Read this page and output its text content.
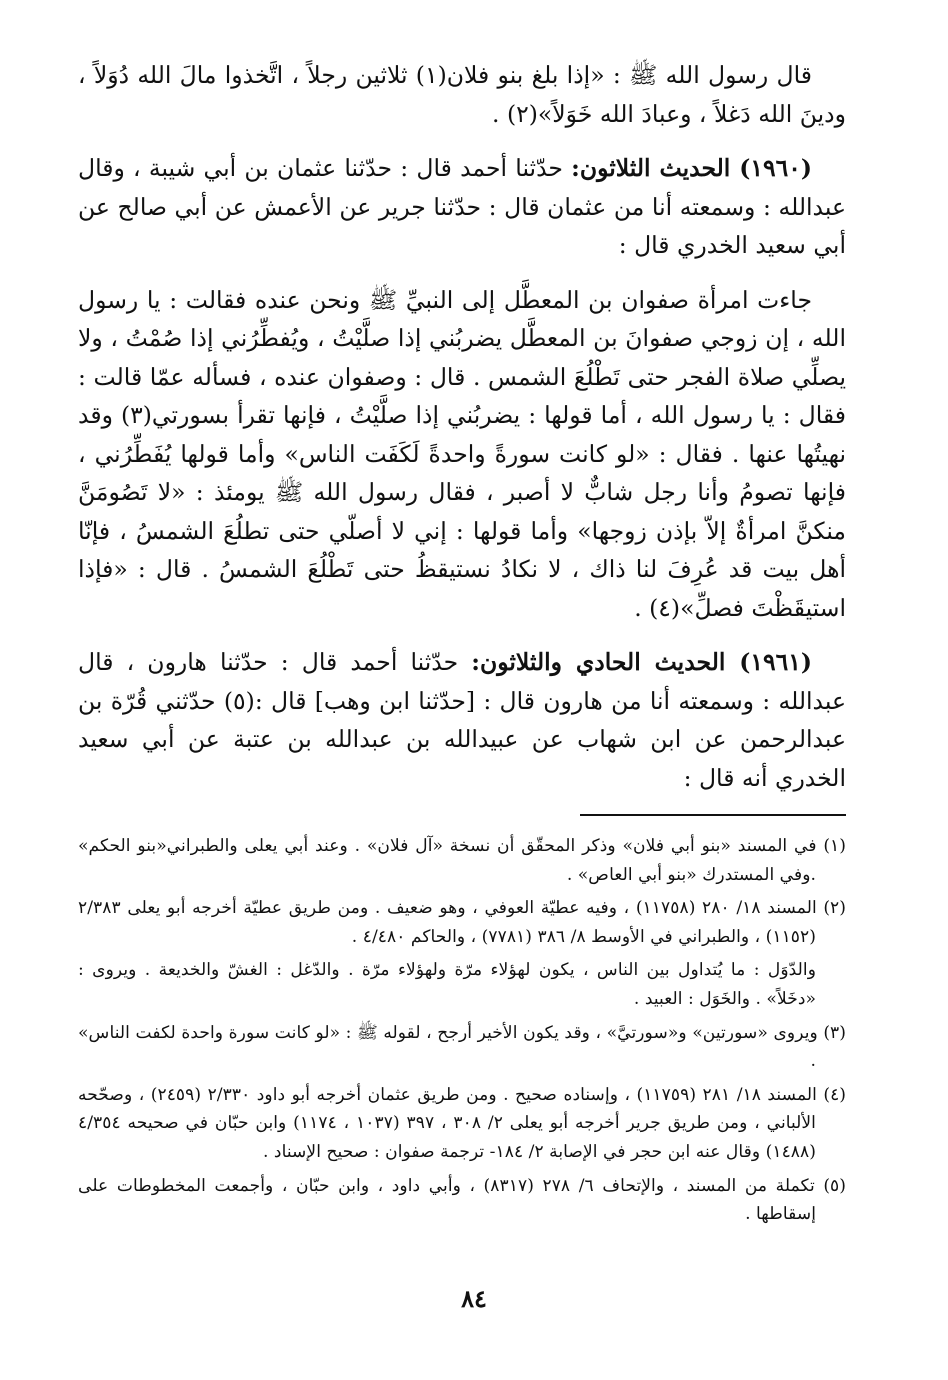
قال رسول الله ﷺ : «إذا بلغ بنو فلان(١) ثلاثين رجلاً ، اتَّخذوا مالَ الله دُوَلاً ، ودينَ الله دَغلاً ، وعبادَ الله خَوَلاً»(٢) .

(١٩٦٠) الحديث الثلاثون: حدّثنا أحمد قال : حدّثنا عثمان بن أبي شيبة ، وقال عبدالله : وسمعته أنا من عثمان قال : حدّثنا جرير عن الأعمش عن أبي صالح عن أبي سعيد الخدري قال :

جاءت امرأة صفوان بن المعطَّل إلى النبيِّ ﷺ ونحن عنده فقالت : يا رسول الله ، إن زوجي صفوانَ بن المعطَّل يضربُني إذا صلَّيْتُ ، ويُفطِّرُني إذا صُمْتُ ، ولا يصلِّي صلاة الفجر حتى تَطْلُعَ الشمس . قال : وصفوان عنده ، فسأله عمّا قالت : فقال : يا رسول الله ، أما قولها : يضربُني إذا صلَّيْتُ ، فإنها تقرأ بسورتي(٣) وقد نهيتُها عنها . فقال : «لو كانت سورةً واحدةً لَكَفَت الناس» وأما قولها يُفَطِّرُني ، فإنها تصومُ وأنا رجل شابٌّ لا أصبر ، فقال رسول الله ﷺ يومئذ : «لا تَصُومَنَّ منكنَّ امرأةٌ إلاّ بإذن زوجها» وأما قولها : إني لا أصلّي حتى تطلُعَ الشمسُ ، فإنّا أهل بيت قد عُرِفَ لنا ذاك ، لا نكادُ نستيقظُ حتى تَطْلُعَ الشمسُ . قال : «فإذا استيقَظْتَ فصلِّ»(٤) .

(١٩٦١) الحديث الحادي والثلاثون: حدّثنا أحمد قال : حدّثنا هارون ، قال عبدالله : وسمعته أنا من هارون قال : [حدّثنا ابن وهب] قال :(٥) حدّثني قُرّة بن عبدالرحمن عن ابن شهاب عن عبيدالله بن عبدالله بن عتبة عن أبي سعيد الخدري أنه قال :

(١) في المسند «بنو أبي فلان» وذكر المحقّق أن نسخة «آل فلان» . وعند أبي يعلى والطبراني«بنو الحكم» .وفي المستدرك «بنو أبي العاص» .

(٢) المسند ١٨/ ٢٨٠ (١١٧٥٨) ، وفيه عطيّة العوفي ، وهو ضعيف . ومن طريق عطيّة أخرجه أبو يعلى ٢/٣٨٣ (١١٥٢) ، والطبراني في الأوسط ٨/ ٣٨٦ (٧٧٨١) ، والحاكم ٤/٤٨٠ .

والدّوَل : ما يُتداول بين الناس ، يكون لهؤلاء مرّة ولهؤلاء مرّة . والدّغل : الغشّ والخديعة . ويروى : «دخَلاً» . والخَوَل : العبيد .

(٣) ويروى «سورتين» و«سورتيَّ» ، وقد يكون الأخير أرجح ، لقوله ﷺ : «لو كانت سورة واحدة لكفت الناس» .

(٤) المسند ١٨/ ٢٨١ (١١٧٥٩) ، وإسناده صحيح . ومن طريق عثمان أخرجه أبو داود ٢/٣٣٠ (٢٤٥٩) ، وصحّحه الألباني ، ومن طريق جرير أخرجه أبو يعلى ٢/ ٣٠٨ ، ٣٩٧ (١٠٣٧ ، ١١٧٤) وابن حبّان في صحيحه ٤/٣٥٤ (١٤٨٨) وقال عنه ابن حجر في الإصابة ٢/ ١٨٤- ترجمة صفوان : صحيح الإسناد .

(٥) تكملة من المسند ، والإتحاف ٦/ ٢٧٨ (٨٣١٧) ، وأبي داود ، وابن حبّان ، وأجمعت المخطوطات على إسقاطها .

٨٤
